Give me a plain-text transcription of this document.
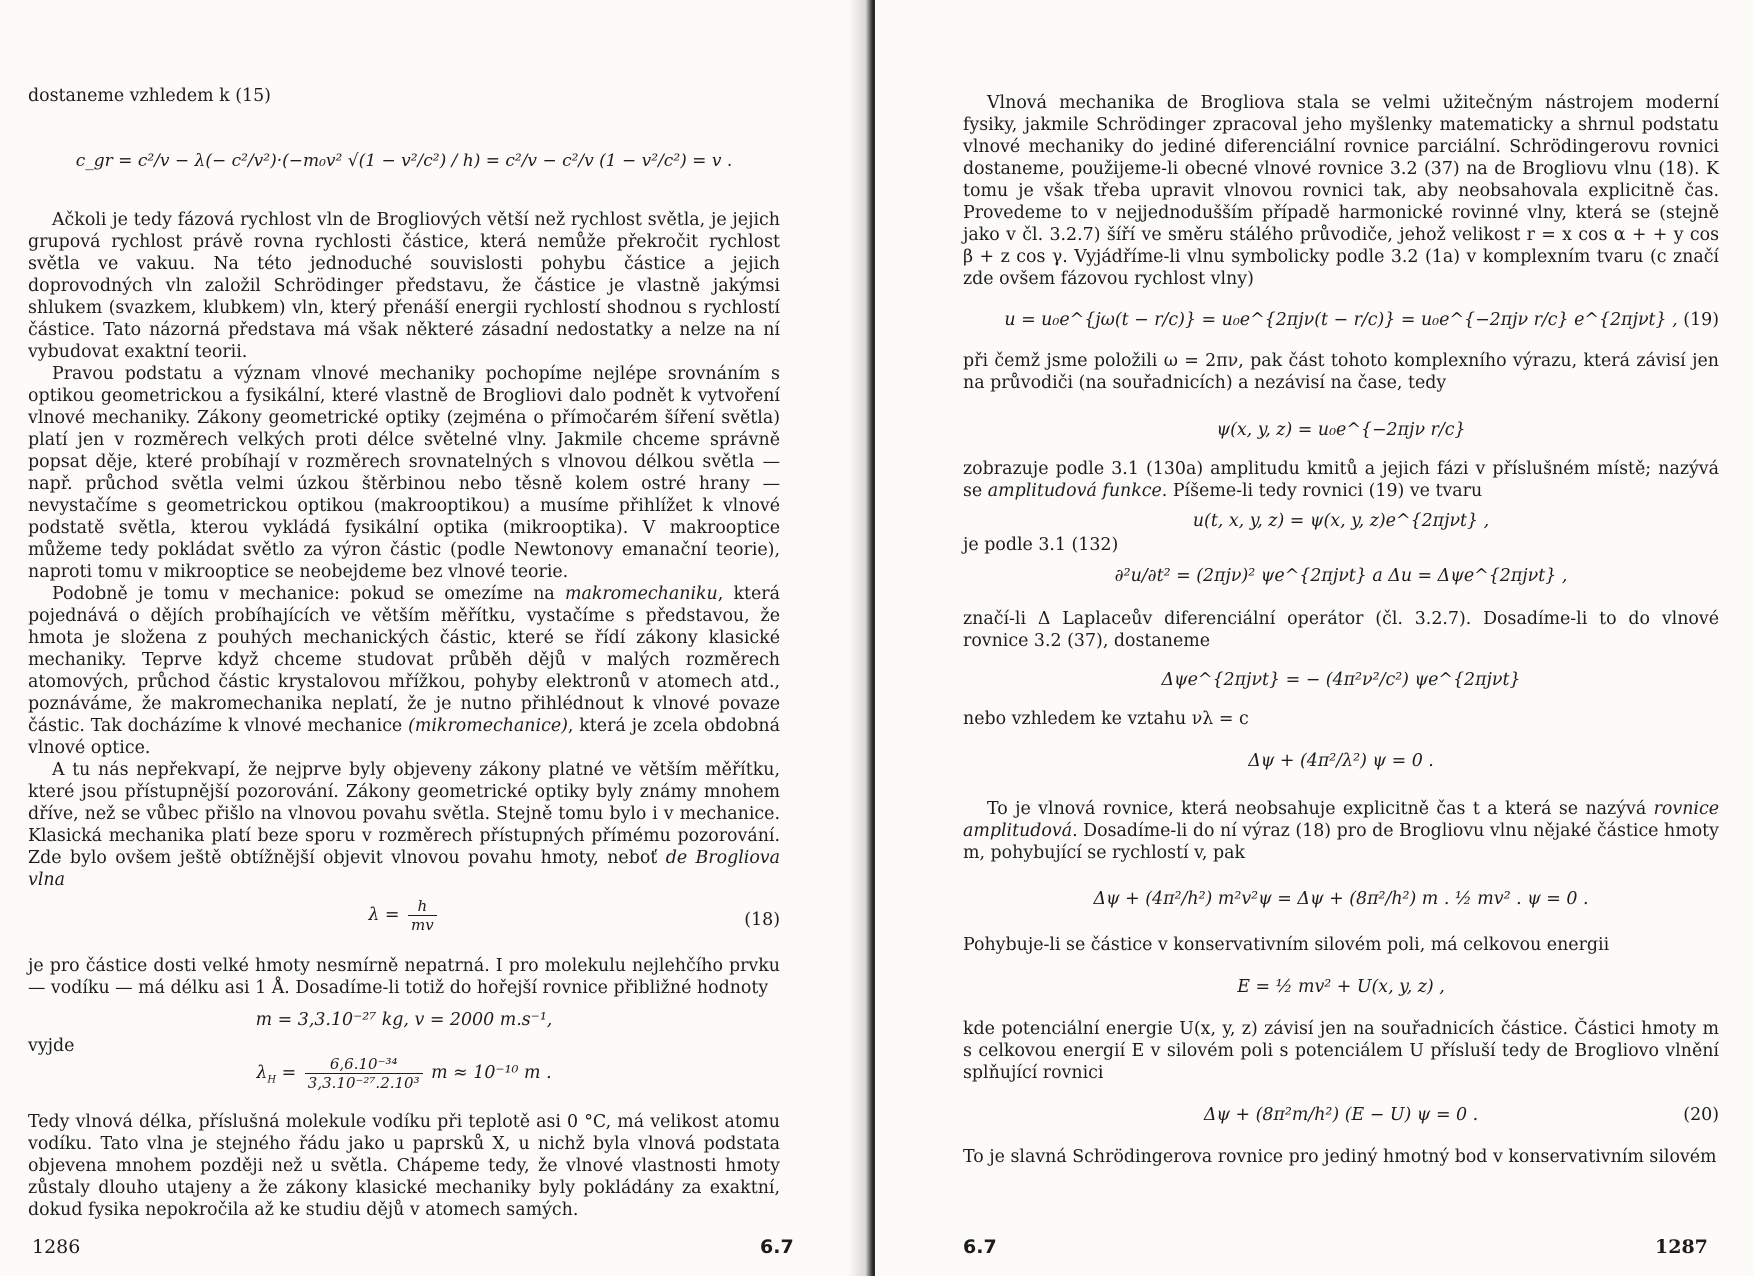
dostaneme vzhledem k (15)

c_gr = c²/v − λ(− c²/v²)·(−m₀v² √(1 − v²/c²) / h) = c²/v − c²/v (1 − v²/c²) = v .

Ačkoli je tedy fázová rychlost vln de Brogliových větší než rychlost světla, je jejich grupová rychlost právě rovna rychlosti částice, která nemůže překročit rychlost světla ve vakuu. Na této jednoduché souvislosti pohybu částice a jejich doprovodných vln založil Schrödinger představu, že částice je vlastně jakýmsi shlukem (svazkem, klubkem) vln, který přenáší energii rychlostí shodnou s rychlostí částice. Tato názorná představa má však některé zásadní nedostatky a nelze na ní vybudovat exaktní teorii.

Pravou podstatu a význam vlnové mechaniky pochopíme nejlépe srovnáním s optikou geometrickou a fysikální, které vlastně de Brogliovi dalo podnět k vytvoření vlnové mechaniky. Zákony geometrické optiky (zejména o přímočarém šíření světla) platí jen v rozměrech velkých proti délce světelné vlny. Jakmile chceme správně popsat děje, které probíhají v rozměrech srovnatelných s vlnovou délkou světla — např. průchod světla velmi úzkou štěrbinou nebo těsně kolem ostré hrany — nevystačíme s geometrickou optikou (makrooptikou) a musíme přihlížet k vlnové podstatě světla, kterou vykládá fysikální optika (mikrooptika). V makrooptice můžeme tedy pokládat světlo za výron částic (podle Newtonovy emanační teorie), naproti tomu v mikrooptice se neobejdeme bez vlnové teorie.

Podobně je tomu v mechanice: pokud se omezíme na makromechaniku, která pojednává o dějích probíhajících ve větším měřítku, vystačíme s představou, že hmota je složena z pouhých mechanických částic, které se řídí zákony klasické mechaniky. Teprve když chceme studovat průběh dějů v malých rozměrech atomových, průchod částic krystalovou mřížkou, pohyby elektronů v atomech atd., poznáváme, že makromechanika neplatí, že je nutno přihlédnout k vlnové povaze částic. Tak docházíme k vlnové mechanice (mikromechanice), která je zcela obdobná vlnové optice.

A tu nás nepřekvapí, že nejprve byly objeveny zákony platné ve větším měřítku, které jsou přístupnější pozorování. Zákony geometrické optiky byly známy mnohem dříve, než se vůbec přišlo na vlnovou povahu světla. Stejně tomu bylo i v mechanice. Klasická mechanika platí beze sporu v rozměrech přístupných přímému pozorování. Zde bylo ovšem ještě obtížnější objevit vlnovou povahu hmoty, neboť de Brogliova vlna

$\lambda = \frac{h}{mv}$	(18)

je pro částice dosti velké hmoty nesmírně nepatrná. I pro molekulu nejlehčího prvku — vodíku — má délku asi 1 Å. Dosadíme-li totiž do hořejší rovnice přibližné hodnoty

m = 3,3.10⁻²⁷ kg, v = 2000 m.s⁻¹,

vyjde

$\lambda_H = \frac{\text{6,6.10⁻³⁴}}{\text{3,3.10⁻²⁷.2.10³}}$ m ≈ 10⁻¹⁰ m .

Tedy vlnová délka, příslušná molekule vodíku při teplotě asi 0 °C, má velikost atomu vodíku. Tato vlna je stejného řádu jako u paprsků X, u nichž byla vlnová podstata objevena mnohem později než u světla. Chápeme tedy, že vlnové vlastnosti hmoty zůstaly dlouho utajeny a že zákony klasické mechaniky byly pokládány za exaktní, dokud fysika nepokročila až ke studiu dějů v atomech samých.

1286	6.7

Vlnová mechanika de Brogliova stala se velmi užitečným nástrojem moderní fysiky, jakmile Schrödinger zpracoval jeho myšlenky matematicky a shrnul podstatu vlnové mechaniky do jediné diferenciální rovnice parciální. Schrödingerovu rovnici dostaneme, použijeme-li obecné vlnové rovnice 3.2 (37) na de Brogliovu vlnu (18). K tomu je však třeba upravit vlnovou rovnici tak, aby neobsahovala explicitně čas. Provedeme to v nejjednodušším případě harmonické rovinné vlny, která se (stejně jako v čl. 3.2.7) šíří ve směru stálého průvodiče, jehož velikost r = x cos α + + y cos β + z cos γ. Vyjádříme-li vlnu symbolicky podle 3.2 (1a) v komplexním tvaru (c značí zde ovšem fázovou rychlost vlny)

u = u₀e^{jω(t − r/c)} = u₀e^{2πjν(t − r/c)} = u₀e^{−2πjν r/c} e^{2πjνt} , (19)

při čemž jsme položili ω = 2πν, pak část tohoto komplexního výrazu, která závisí jen na průvodiči (na souřadnicích) a nezávisí na čase, tedy

ψ(x, y, z) = u₀e^{−2πjν r/c}

zobrazuje podle 3.1 (130a) amplitudu kmitů a jejich fázi v příslušném místě; nazývá se amplitudová funkce. Píšeme-li tedy rovnici (19) ve tvaru

u(t, x, y, z) = ψ(x, y, z)e^{2πjνt} ,

je podle 3.1 (132)

∂²u/∂t² = (2πjν)² ψe^{2πjνt} a Δu = Δψe^{2πjνt} ,

značí-li Δ Laplaceův diferenciální operátor (čl. 3.2.7). Dosadíme-li to do vlnové rovnice 3.2 (37), dostaneme

Δψe^{2πjνt} = − (4π²ν²/c²) ψe^{2πjνt}

nebo vzhledem ke vztahu νλ = c

Δψ + (4π²/λ²) ψ = 0 .

To je vlnová rovnice, která neobsahuje explicitně čas t a která se nazývá rovnice amplitudová. Dosadíme-li do ní výraz (18) pro de Brogliovu vlnu nějaké částice hmoty m, pohybující se rychlostí v, pak

Δψ + (4π²/h²) m²v²ψ = Δψ + (8π²/h²) m . ½ mv² . ψ = 0 .

Pohybuje-li se částice v konservativním silovém poli, má celkovou energii

E = ½ mv² + U(x, y, z) ,

kde potenciální energie U(x, y, z) závisí jen na souřadnicích částice. Částici hmoty m s celkovou energií E v silovém poli s potenciálem U přísluší tedy de Brogliovo vlnění splňující rovnici

Δψ + (8π²m/h²) (E − U) ψ = 0 .	(20)

To je slavná Schrödingerova rovnice pro jediný hmotný bod v konservativním silovém

6.7	1287
